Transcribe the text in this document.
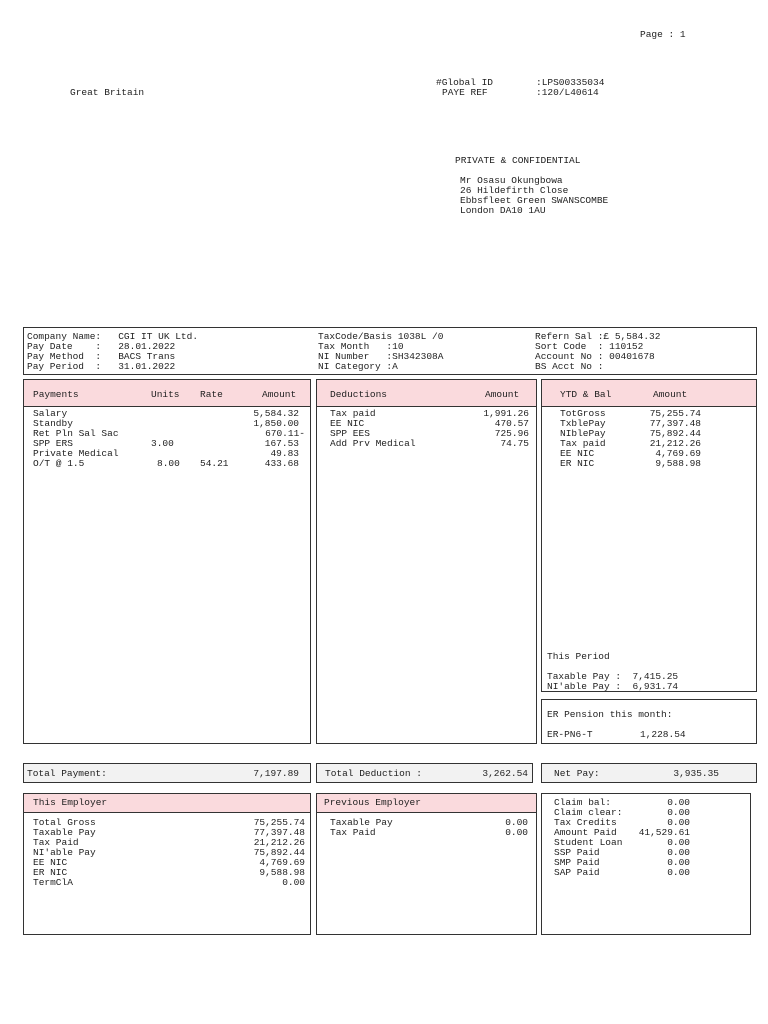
Page : 1
Great Britain
#Global ID	:LPS00335034
PAYE REF	:120/L40614
PRIVATE & CONFIDENTIAL
Mr Osasu Okungbowa
26 Hildefirth Close
Ebbsfleet Green SWANSCOMBE
London DA10 1AU
Company Name:   CGI IT UK Ltd.
Pay Date    :   28.01.2022
Pay Method  :   BACS Trans
Pay Period  :   31.01.2022
TaxCode/Basis 1038L /0
Tax Month   :10
NI Number   :SH342308A
NI Category :A
Refern Sal :£ 5,584.32
Sort Code  : 110152
Account No : 00401678
BS Acct No :
Payments	Units Rate	Amount
Salary	5,584.32
Standby	1,850.00
Ret Pln Sal Sac	670.11-
SPP ERS	3.00	167.53
Private Medical	49.83
O/T @ 1.5	8.00 54.21	433.68
Deductions	Amount
Tax paid	1,991.26
EE NIC	470.57
SPP EES	725.96
Add Prv Medical	74.75
YTD & Bal	Amount
TotGross	75,255.74
TxblePay	77,397.48
NIblePay	75,892.44
Tax paid	21,212.26
EE NIC	4,769.69
ER NIC	9,588.98
This Period
Taxable Pay :  7,415.25
NI'able Pay :  6,931.74
ER Pension this month:
ER-PN6-T	1,228.54
Total Payment:	7,197.89	Total Deduction :	3,262.54	Net Pay:	3,935.35
This Employer
Total Gross	75,255.74
Taxable Pay	77,397.48
Tax Paid	21,212.26
NI'able Pay	75,892.44
EE NIC	4,769.69
ER NIC	9,588.98
TermClA	0.00
Previous Employer
Taxable Pay	0.00
Tax Paid	0.00
Claim bal:	0.00
Claim clear:	0.00
Tax Credits	0.00
Amount Paid 41,529.61
Student Loan	0.00
SSP Paid	0.00
SMP Paid	0.00
SAP Paid	0.00
